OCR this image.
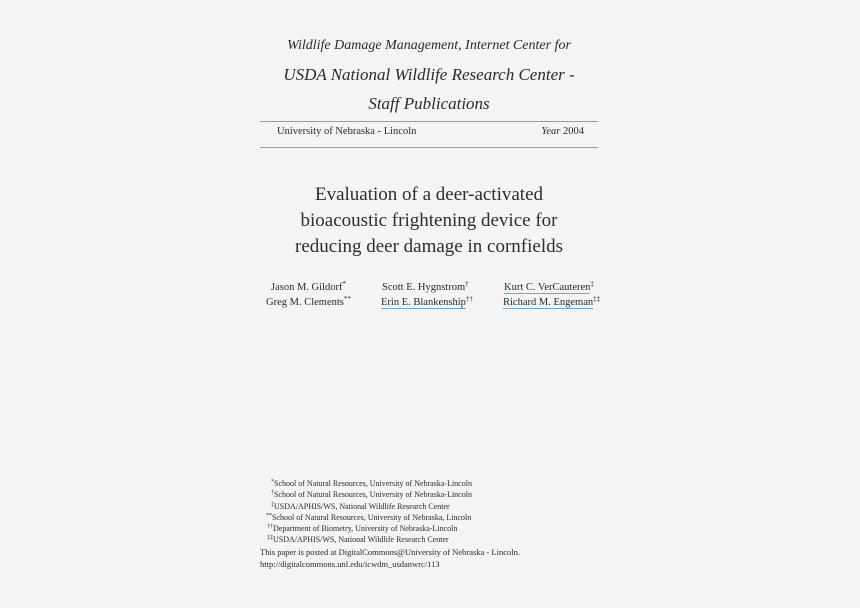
Wildlife Damage Management, Internet Center for
USDA National Wildlife Research Center -
Staff Publications
University of Nebraska - Lincoln	Year 2004
Evaluation of a deer-activated
bioacoustic frightening device for
reducing deer damage in cornfields
Jason M. Gildorf*	Scott E. Hygnstrom†	Kurt C. VerCauteren‡
Greg M. Clements**	Erin E. Blankenship††	Richard M. Engeman‡‡
*School of Natural Resources, University of Nebraska-Lincoln
†School of Natural Resources, University of Nebraska-Lincoln
‡USDA/APHIS/WS, National Wildlife Research Center
**School of Natural Resources, University of Nebraska, Lincoln
††Department of Biometry, University of Nebraska-Lincoln
‡‡USDA/APHIS/WS, National Wildlife Research Center
This paper is posted at DigitalCommons@University of Nebraska - Lincoln.
http://digitalcommons.unl.edu/icwdm_usdanwrc/113
